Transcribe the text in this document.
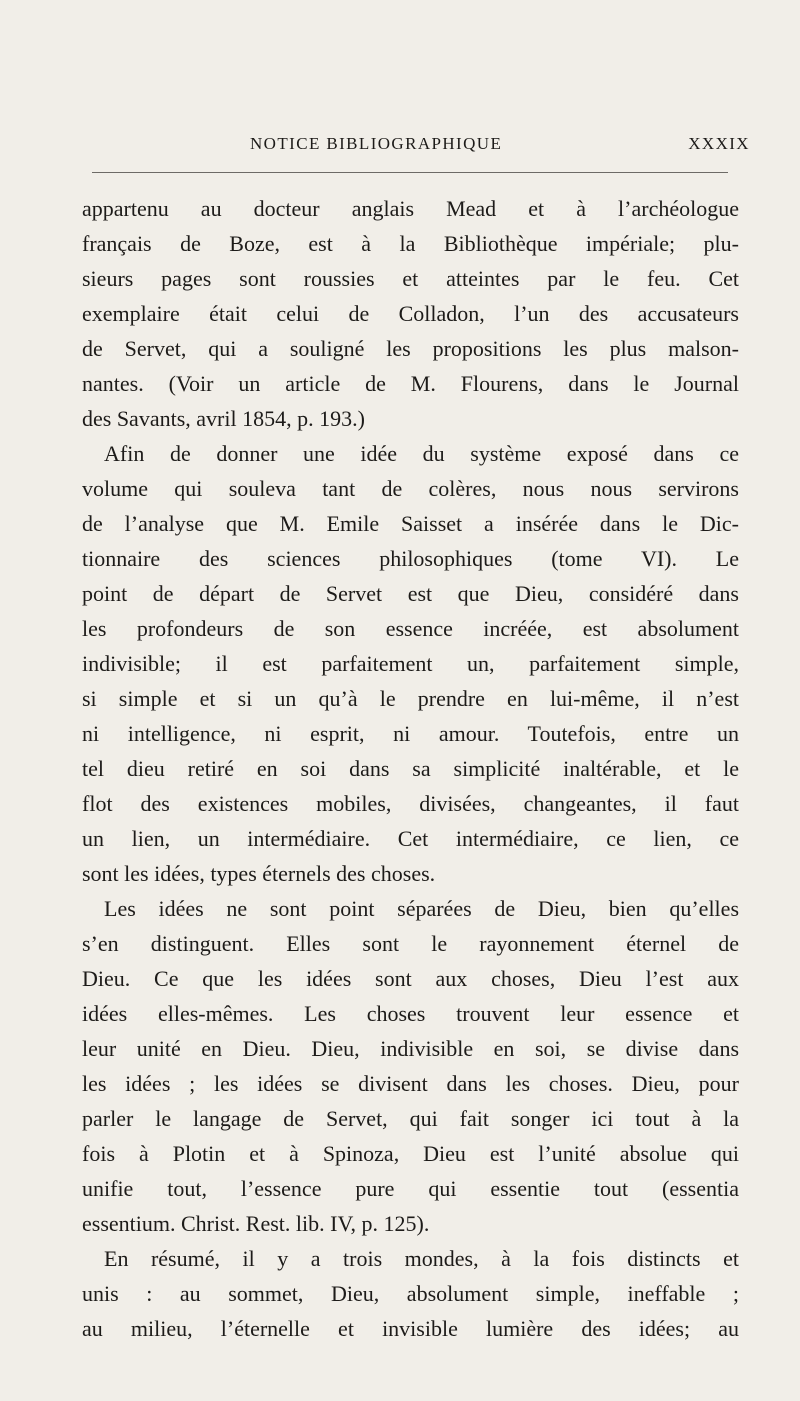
NOTICE BIBLIOGRAPHIQUE	XXXIX
appartenu au docteur anglais Mead et à l’archéologue
français de Boze, est à la Bibliothèque impériale; plu-
sieurs pages sont roussies et atteintes par le feu. Cet
exemplaire était celui de Colladon, l’un des accusateurs
de Servet, qui a souligné les propositions les plus malson-
nantes. (Voir un article de M. Flourens, dans le Journal
des Savants, avril 1854, p. 193.)
Afin de donner une idée du système exposé dans ce
volume qui souleva tant de colères, nous nous servirons
de l’analyse que M. Emile Saisset a insérée dans le Dic-
tionnaire des sciences philosophiques (tome VI). Le
point de départ de Servet est que Dieu, considéré dans
les profondeurs de son essence incréée, est absolument
indivisible; il est parfaitement un, parfaitement simple,
si simple et si un qu’à le prendre en lui-même, il n’est
ni intelligence, ni esprit, ni amour. Toutefois, entre un
tel dieu retiré en soi dans sa simplicité inaltérable, et le
flot des existences mobiles, divisées, changeantes, il faut
un lien, un intermédiaire. Cet intermédiaire, ce lien, ce
sont les idées, types éternels des choses.
Les idées ne sont point séparées de Dieu, bien qu’elles
s’en distinguent. Elles sont le rayonnement éternel de
Dieu. Ce que les idées sont aux choses, Dieu l’est aux
idées elles-mêmes. Les choses trouvent leur essence et
leur unité en Dieu. Dieu, indivisible en soi, se divise dans
les idées ; les idées se divisent dans les choses. Dieu, pour
parler le langage de Servet, qui fait songer ici tout à la
fois à Plotin et à Spinoza, Dieu est l’unité absolue qui
unifie tout, l’essence pure qui essentie tout (essentia
essentium. Christ. Rest. lib. IV, p. 125).
En résumé, il y a trois mondes, à la fois distincts et
unis : au sommet, Dieu, absolument simple, ineffable ;
au milieu, l’éternelle et invisible lumière des idées; au
